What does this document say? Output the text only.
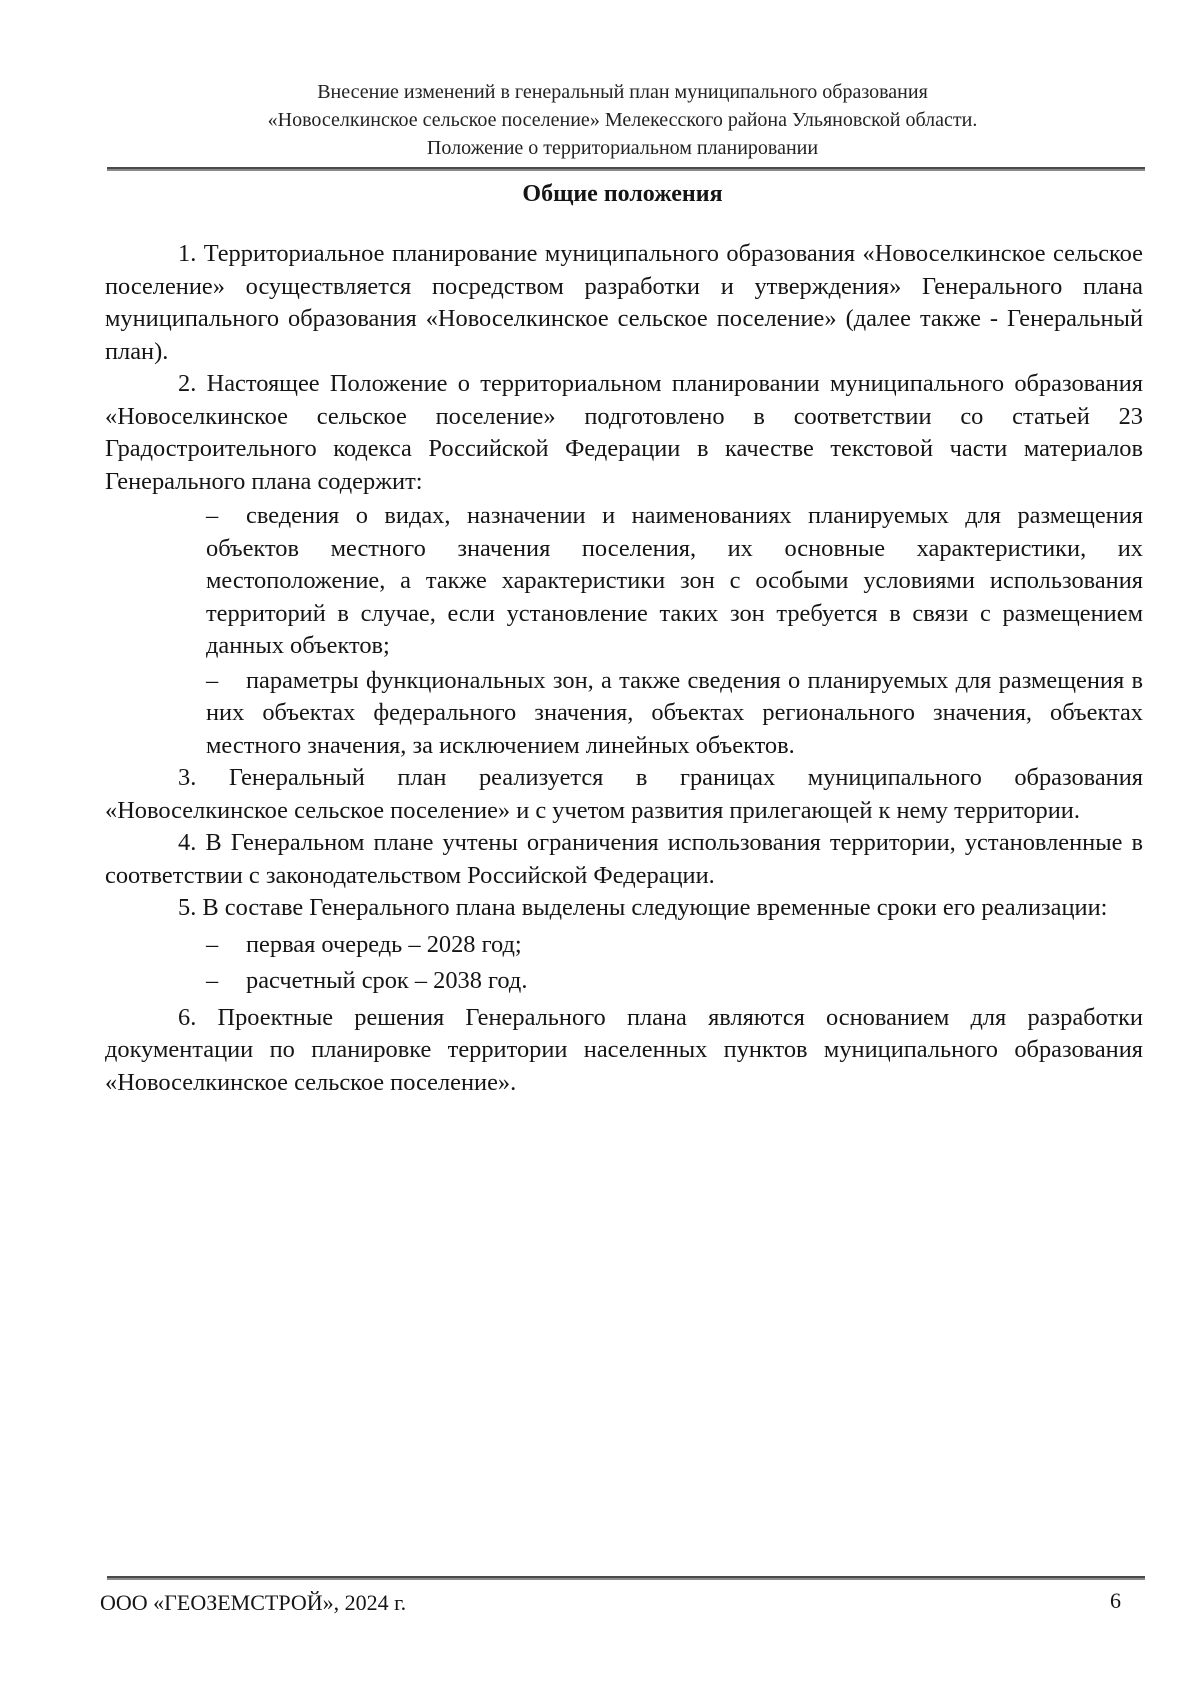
Внесение изменений в генеральный план муниципального образования
«Новоселкинское сельское поселение» Мелекесского района Ульяновской области.
Положение о территориальном планировании
Общие положения

1. Территориальное планирование муниципального образования «Новоселкинское сельское поселение» осуществляется посредством разработки и утверждения» Генерального плана муниципального образования «Новоселкинское сельское поселение» (далее также - Генеральный план).

2. Настоящее Положение о территориальном планировании муниципального образования «Новоселкинское сельское поселение» подготовлено в соответствии со статьей 23 Градостроительного кодекса Российской Федерации в качестве текстовой части материалов Генерального плана содержит:

– сведения о видах, назначении и наименованиях планируемых для размещения объектов местного значения поселения, их основные характеристики, их местоположение, а также характеристики зон с особыми условиями использования территорий в случае, если установление таких зон требуется в связи с размещением данных объектов;
– параметры функциональных зон, а также сведения о планируемых для размещения в них объектах федерального значения, объектах регионального значения, объектах местного значения, за исключением линейных объектов.

3. Генеральный план реализуется в границах муниципального образования «Новоселкинское сельское поселение» и с учетом развития прилегающей к нему территории.

4. В Генеральном плане учтены ограничения использования территории, установленные в соответствии с законодательством Российской Федерации.

5. В составе Генерального плана выделены следующие временные сроки его реализации:

– первая очередь – 2028 год;
– расчетный срок – 2038 год.

6. Проектные решения Генерального плана являются основанием для разработки документации по планировке территории населенных пунктов муниципального образования «Новоселкинское сельское поселение».

ООО «ГЕОЗЕМСТРОЙ», 2024 г.	6
